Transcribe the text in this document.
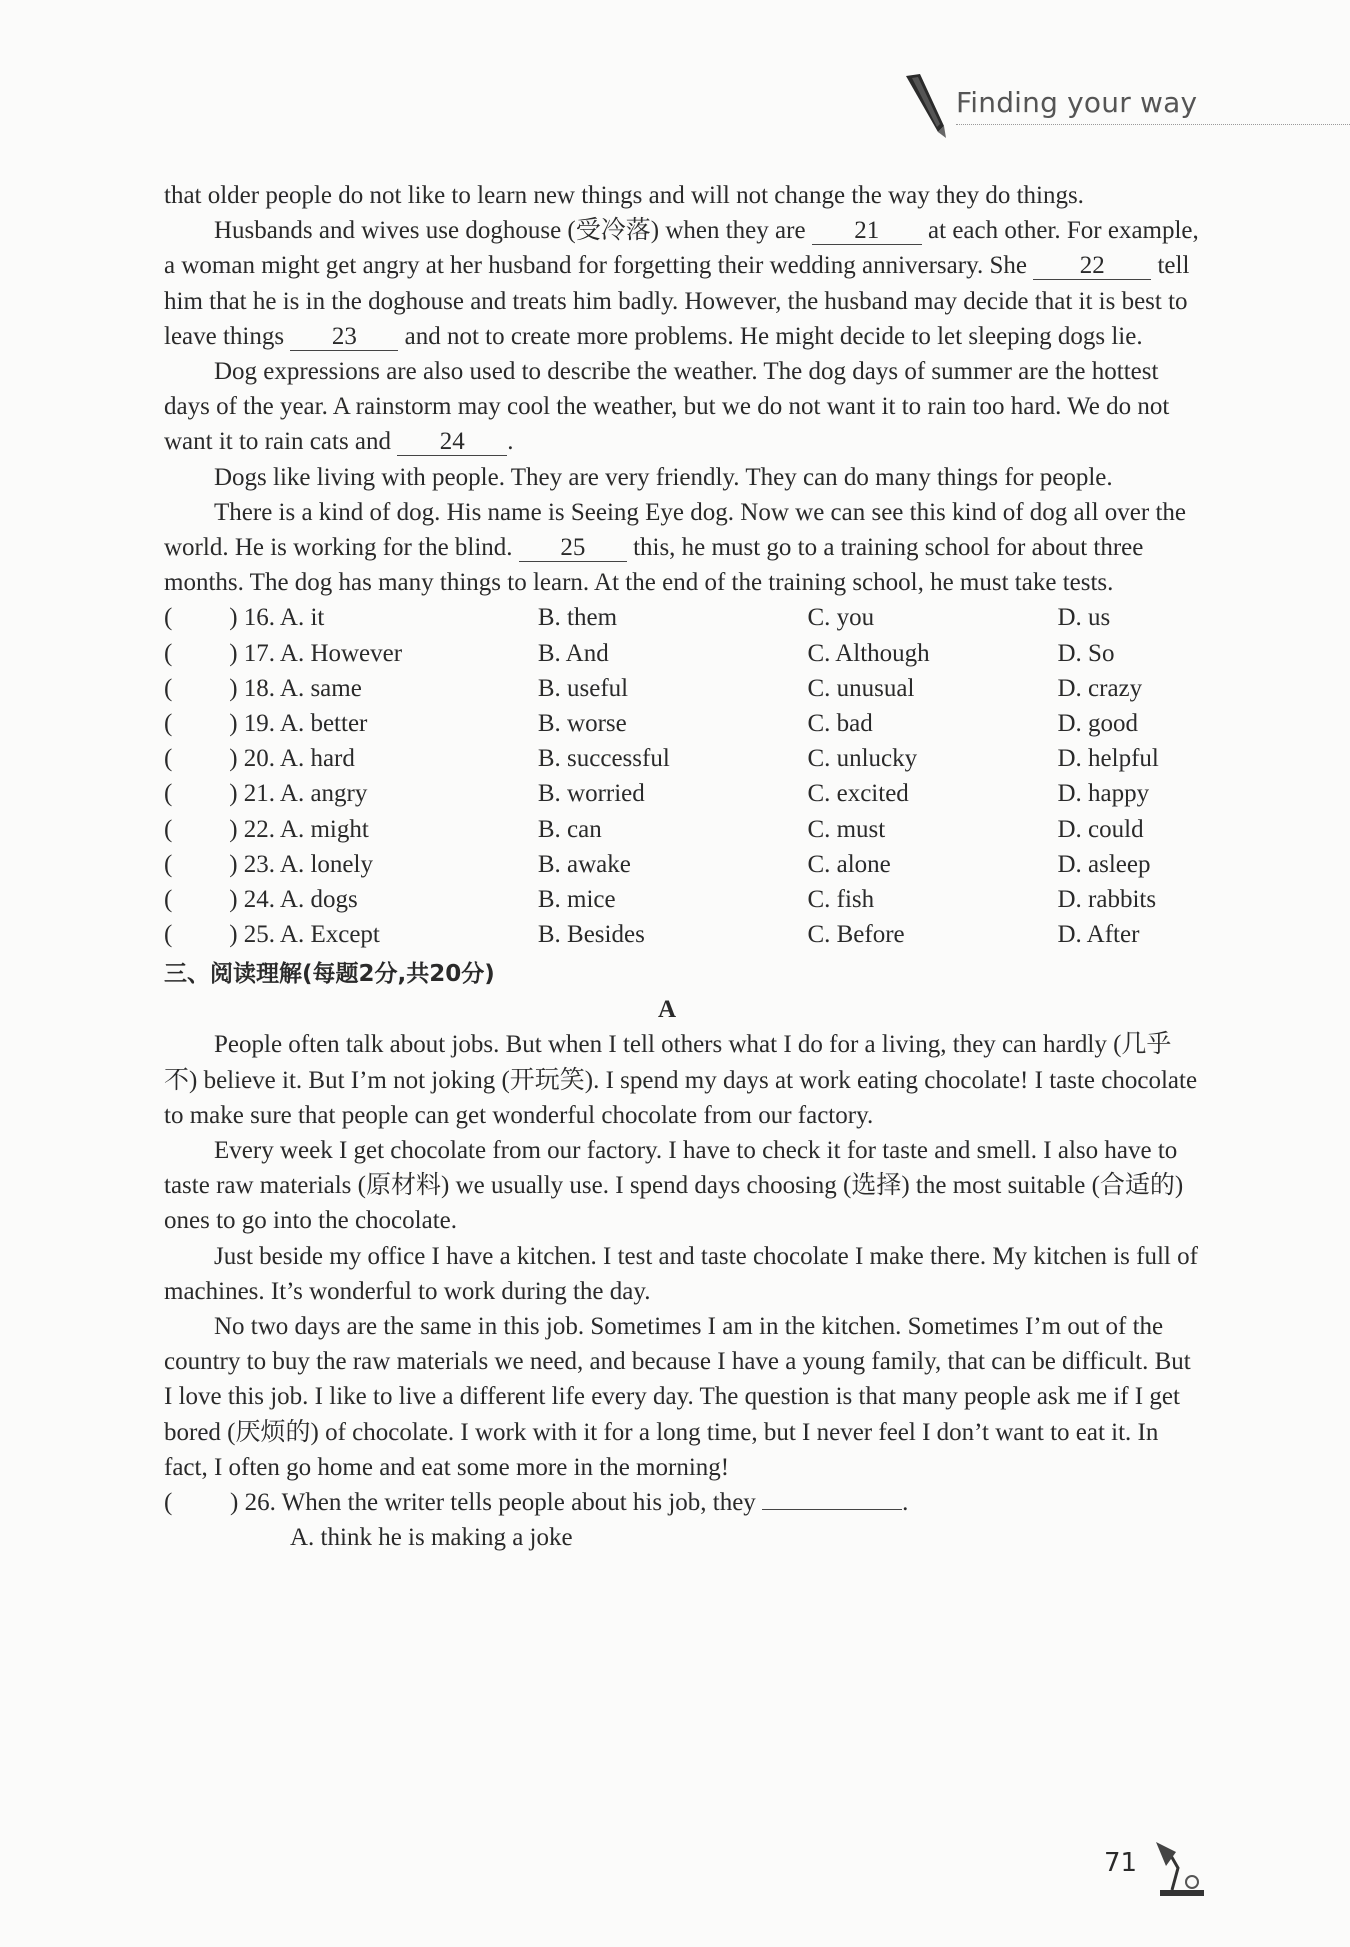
Finding your way

that older people do not like to learn new things and will not change the way they do things.

Husbands and wives use doghouse (受冷落) when they are 21 at each other. For example, a woman might get angry at her husband for forgetting their wedding anniversary. She 22 tell him that he is in the doghouse and treats him badly. However, the husband may decide that it is best to leave things 23 and not to create more problems. He might decide to let sleeping dogs lie.

Dog expressions are also used to describe the weather. The dog days of summer are the hottest days of the year. A rainstorm may cool the weather, but we do not want it to rain too hard. We do not want it to rain cats and 24 .

Dogs like living with people. They are very friendly. They can do many things for people.

There is a kind of dog. His name is Seeing Eye dog. Now we can see this kind of dog all over the world. He is working for the blind. 25 this, he must go to a training school for about three months. The dog has many things to learn. At the end of the training school, he must take tests.

(	) 16. A. it	B. them	C. you	D. us
(	) 17. A. However	B. And	C. Although	D. So
(	) 18. A. same	B. useful	C. unusual	D. crazy
(	) 19. A. better	B. worse	C. bad	D. good
(	) 20. A. hard	B. successful	C. unlucky	D. helpful
(	) 21. A. angry	B. worried	C. excited	D. happy
(	) 22. A. might	B. can	C. must	D. could
(	) 23. A. lonely	B. awake	C. alone	D. asleep
(	) 24. A. dogs	B. mice	C. fish	D. rabbits
(	) 25. A. Except	B. Besides	C. Before	D. After
三、阅读理解(每题2分,共20分)
A

People often talk about jobs. But when I tell others what I do for a living, they can hardly (几乎不) believe it. But I’m not joking (开玩笑). I spend my days at work eating chocolate! I taste chocolate to make sure that people can get wonderful chocolate from our factory.

Every week I get chocolate from our factory. I have to check it for taste and smell. I also have to taste raw materials (原材料) we usually use. I spend days choosing (选择) the most suitable (合适的) ones to go into the chocolate.

Just beside my office I have a kitchen. I test and taste chocolate I make there. My kitchen is full of machines. It’s wonderful to work during the day.

No two days are the same in this job. Sometimes I am in the kitchen. Sometimes I’m out of the country to buy the raw materials we need, and because I have a young family, that can be difficult. But I love this job. I like to live a different life every day. The question is that many people ask me if I get bored (厌烦的) of chocolate. I work with it for a long time, but I never feel I don’t want to eat it. In fact, I often go home and eat some more in the morning!

(	) 26. When the writer tells people about his job, they	.
A. think he is making a joke
71
